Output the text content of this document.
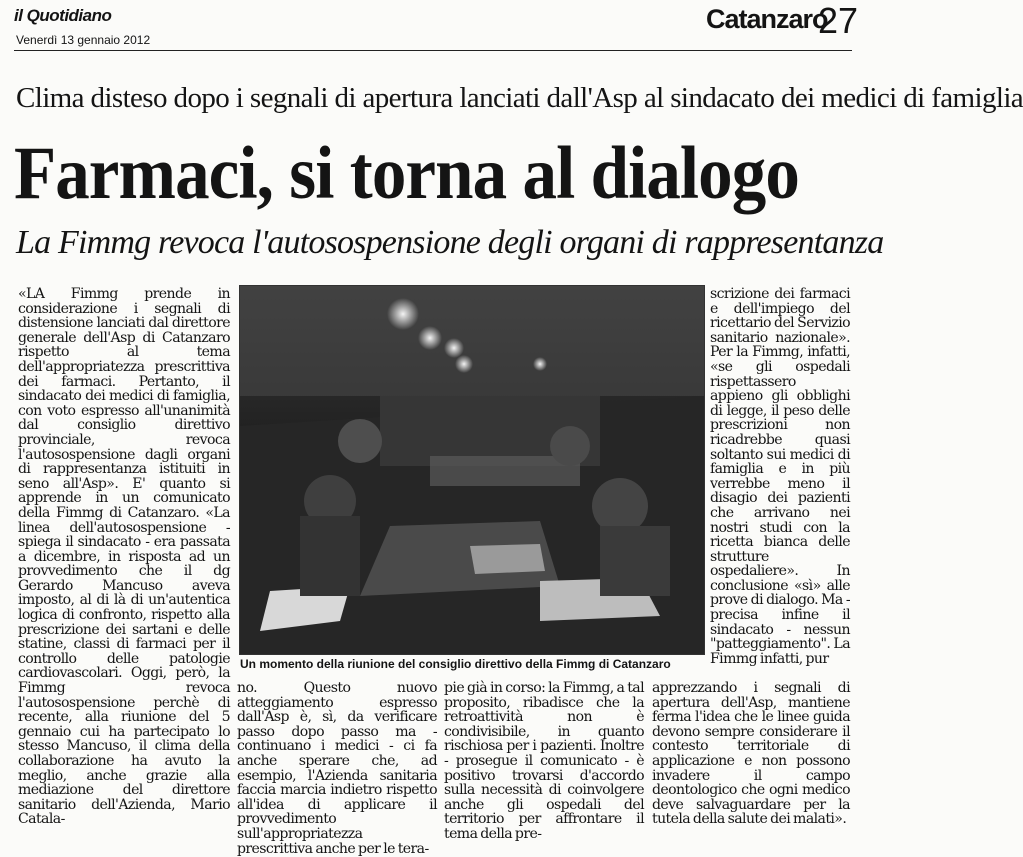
il Quotidiano
Venerdì 13 gennaio 2012
Catanzaro
27
Clima disteso dopo i segnali di apertura lanciati dall'Asp al sindacato dei medici di famiglia
Farmaci, si torna al dialogo
La Fimmg revoca l'autosospensione degli organi di rappresentanza
«LA Fimmg prende in considerazione i segnali di distensione lanciati dal direttore generale dell'Asp di Catanzaro rispetto al tema dell'appropriatezza prescrittiva dei farmaci. Pertanto, il sindacato dei medici di famiglia, con voto espresso all'unanimità dal consiglio direttivo provinciale, revoca l'autosospensione dagli organi di rappresentanza istituiti in seno all'Asp». E' quanto si apprende in un comunicato della Fimmg di Catanzaro. «La linea dell'autosospensione - spiega il sindacato - era passata a dicembre, in risposta ad un provvedimento che il dg Gerardo Mancuso aveva imposto, al di là di un'autentica logica di confronto, rispetto alla prescrizione dei sartani e delle statine, classi di farmaci per il controllo delle patologie cardiovascolari. Oggi, però, la Fimmg revoca l'autosospensione perchè di recente, alla riunione del 5 gennaio cui ha partecipato lo stesso Mancuso, il clima della collaborazione ha avuto la meglio, anche grazie alla mediazione del direttore sanitario dell'Azienda, Mario Catala-
Un momento della riunione del consiglio direttivo della Fimmg di Catanzaro
no. Questo nuovo atteggiamento espresso dall'Asp è, sì, da verificare passo dopo passo ma - continuano i medici - ci fa anche sperare che, ad esempio, l'Azienda sanitaria faccia marcia indietro rispetto all'idea di applicare il provvedimento sull'appropriatezza prescrittiva anche per le tera-
pie già in corso: la Fimmg, a tal proposito, ribadisce che la retroattività non è condivisibile, in quanto rischiosa per i pazienti. Inoltre - prosegue il comunicato - è positivo trovarsi d'accordo sulla necessità di coinvolgere anche gli ospedali del territorio per affrontare il tema della pre-
apprezzando i segnali di apertura dell'Asp, mantiene ferma l'idea che le linee guida devono sempre considerare il contesto territoriale di applicazione e non possono invadere il campo deontologico che ogni medico deve salvaguardare per la tutela della salute dei malati».
scrizione dei farmaci e dell'impiego del ricettario del Servizio sanitario nazionale». Per la Fimmg, infatti, «se gli ospedali rispettassero appieno gli obblighi di legge, il peso delle prescrizioni non ricadrebbe quasi soltanto sui medici di famiglia e in più verrebbe meno il disagio dei pazienti che arrivano nei nostri studi con la ricetta bianca delle strutture ospedaliere». In conclusione «sì» alle prove di dialogo. Ma - precisa infine il sindacato - nessun "patteggiamento". La Fimmg infatti, pur
